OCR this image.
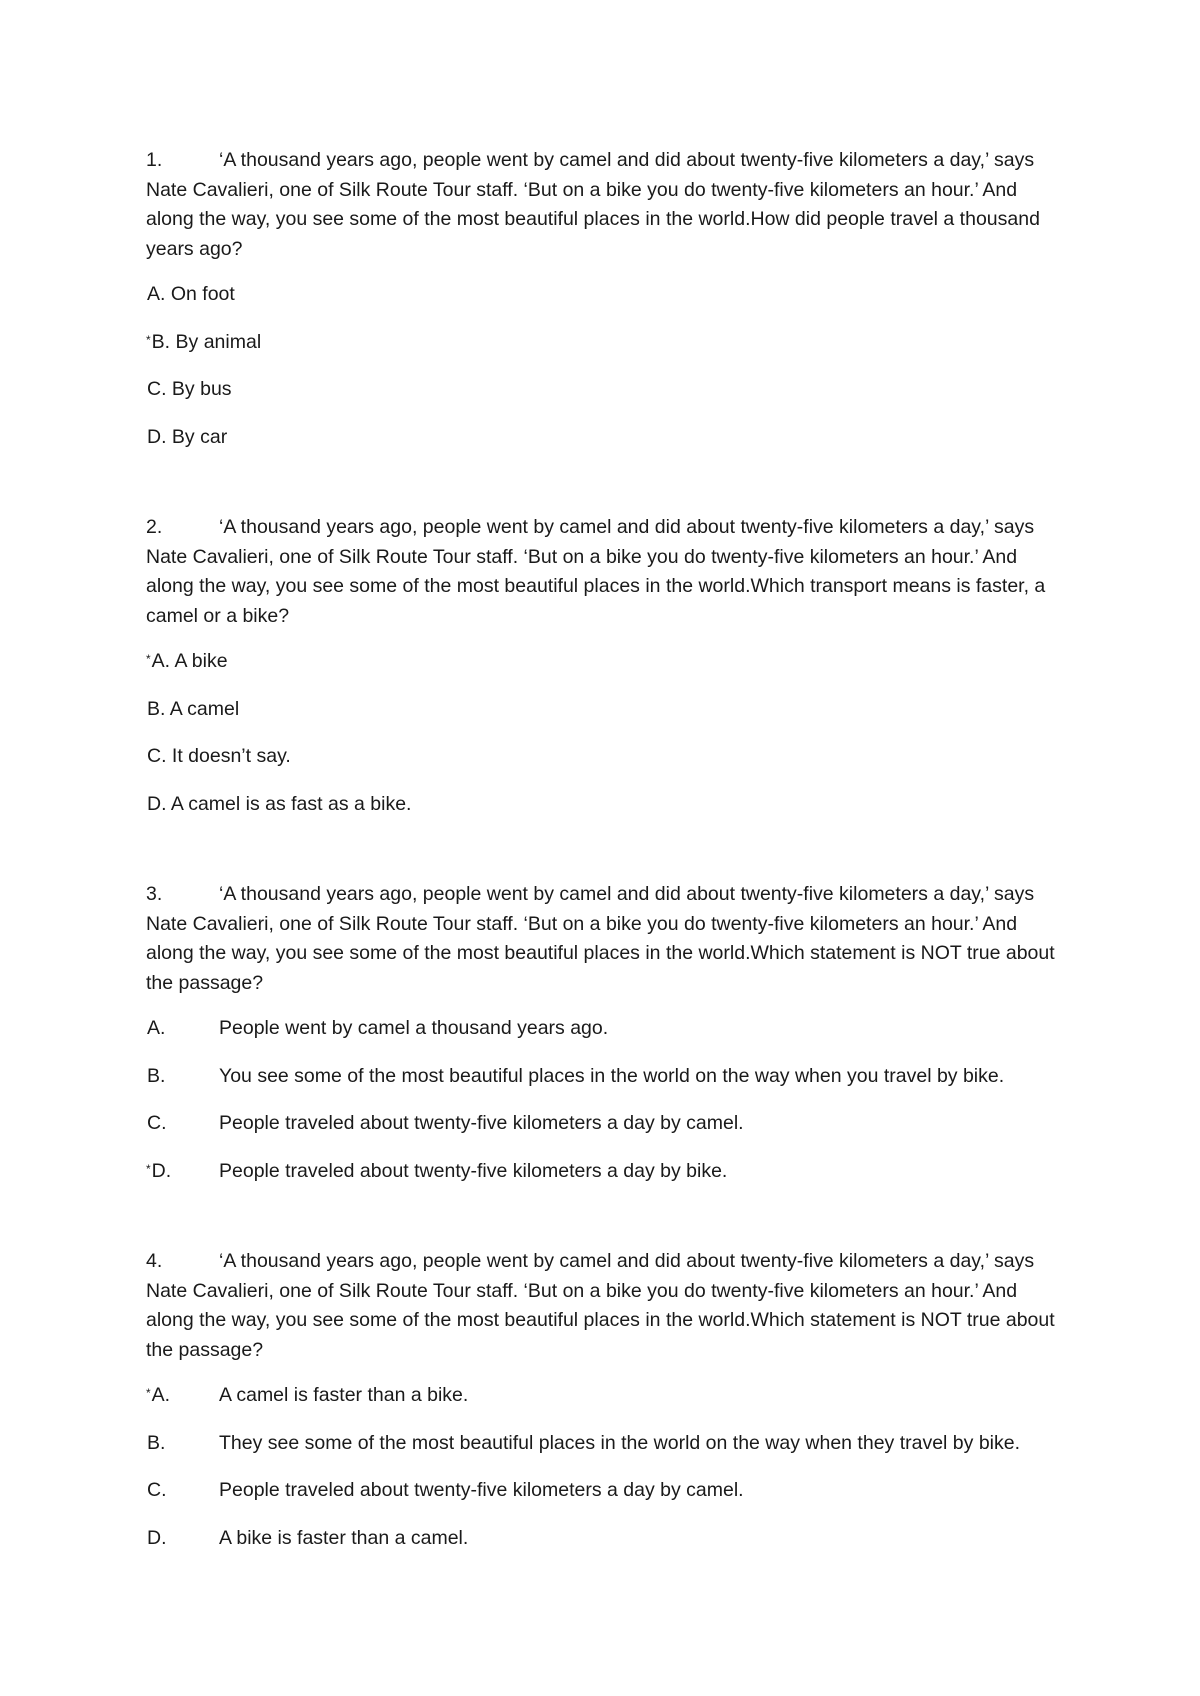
1.	‘A thousand years ago, people went by camel and did about twenty-five kilometers a day,’ says Nate Cavalieri, one of Silk Route Tour staff. ‘But on a bike you do twenty-five kilometers an hour.’ And along the way, you see some of the most beautiful places in the world.How did people travel a thousand years ago?

A. On foot

*B. By animal

C. By bus

D. By car

2.	‘A thousand years ago, people went by camel and did about twenty-five kilometers a day,’ says Nate Cavalieri, one of Silk Route Tour staff. ‘But on a bike you do twenty-five kilometers an hour.’ And along the way, you see some of the most beautiful places in the world.Which transport means is faster, a camel or a bike?

*A. A bike

B. A camel

C. It doesn’t say.

D. A camel is as fast as a bike.

3.	‘A thousand years ago, people went by camel and did about twenty-five kilometers a day,’ says Nate Cavalieri, one of Silk Route Tour staff. ‘But on a bike you do twenty-five kilometers an hour.’ And along the way, you see some of the most beautiful places in the world.Which statement is NOT true about the passage?

A.	People went by camel a thousand years ago.

B.	You see some of the most beautiful places in the world on the way when you travel by bike.

C.	People traveled about twenty-five kilometers a day by camel.

*D. People traveled about twenty-five kilometers a day by bike.

4.	‘A thousand years ago, people went by camel and did about twenty-five kilometers a day,’ says Nate Cavalieri, one of Silk Route Tour staff. ‘But on a bike you do twenty-five kilometers an hour.’ And along the way, you see some of the most beautiful places in the world.Which statement is NOT true about the passage?

*A.	A camel is faster than a bike.

B.	They see some of the most beautiful places in the world on the way when they travel by bike.

C.	People traveled about twenty-five kilometers a day by camel.

D.	A bike is faster than a camel.
